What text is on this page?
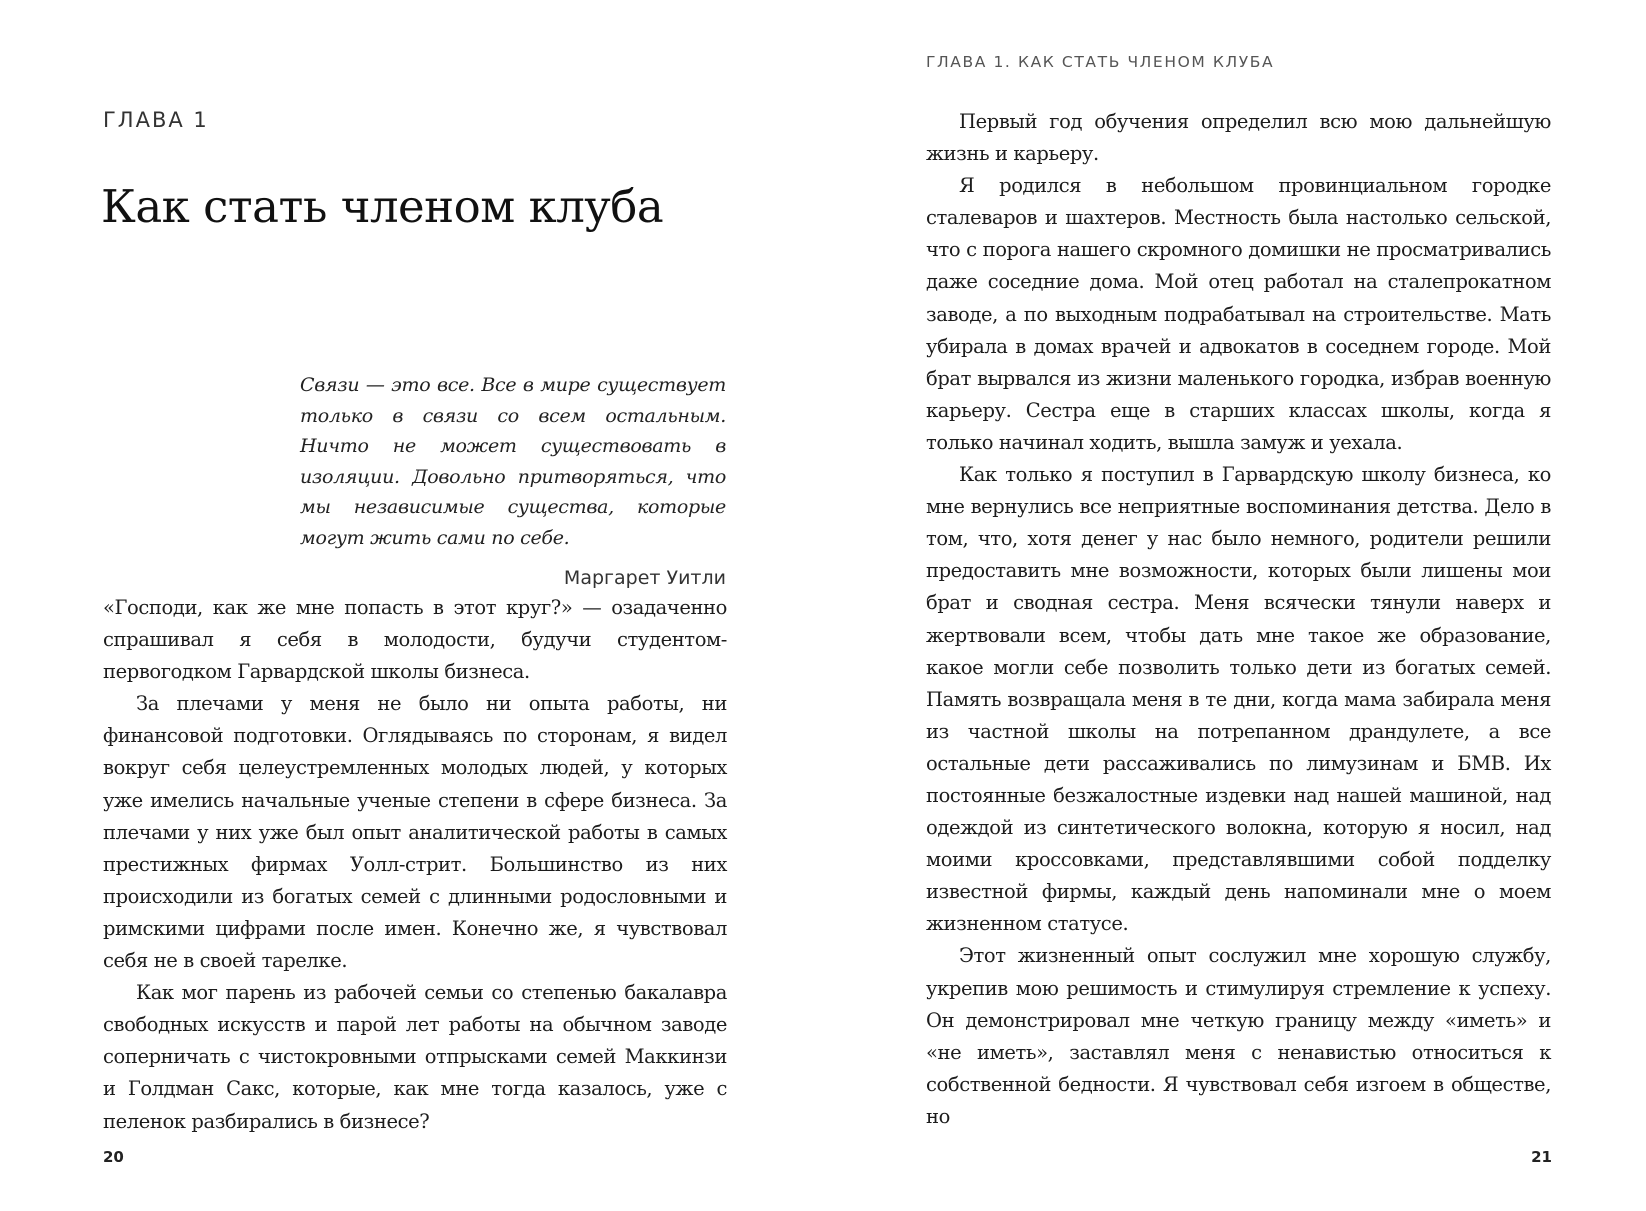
ГЛАВА 1
Как стать членом клуба

Связи — это все. Все в мире существует только в связи со всем остальным. Ничто не может существовать в изоляции. Довольно притворяться, что мы независимые существа, которые могут жить сами по себе.

Маргарет Уитли

«Господи, как же мне попасть в этот круг?» — озадаченно спрашивал я себя в молодости, будучи студентом-первогодком Гарвардской школы бизнеса.

За плечами у меня не было ни опыта работы, ни финансовой подготовки. Оглядываясь по сторонам, я видел вокруг себя целеустремленных молодых людей, у которых уже имелись начальные ученые степени в сфере бизнеса. За плечами у них уже был опыт аналитической работы в самых престижных фирмах Уолл-стрит. Большинство из них происходили из богатых семей с длинными родословными и римскими цифрами после имен. Конечно же, я чувствовал себя не в своей тарелке.

Как мог парень из рабочей семьи со степенью бакалавра свободных искусств и парой лет работы на обычном заводе соперничать с чистокровными отпрысками семей Маккинзи и Голдман Сакс, которые, как мне тогда казалось, уже с пеленок разбирались в бизнесе?

20
ГЛАВА 1. КАК СТАТЬ ЧЛЕНОМ КЛУБА

Первый год обучения определил всю мою дальнейшую жизнь и карьеру.

Я родился в небольшом провинциальном городке сталеваров и шахтеров. Местность была настолько сельской, что с порога нашего скромного домишки не просматривались даже соседние дома. Мой отец работал на сталепрокатном заводе, а по выходным подрабатывал на строительстве. Мать убирала в домах врачей и адвокатов в соседнем городе. Мой брат вырвался из жизни маленького городка, избрав военную карьеру. Сестра еще в старших классах школы, когда я только начинал ходить, вышла замуж и уехала.

Как только я поступил в Гарвардскую школу бизнеса, ко мне вернулись все неприятные воспоминания детства. Дело в том, что, хотя денег у нас было немного, родители решили предоставить мне возможности, которых были лишены мои брат и сводная сестра. Меня всячески тянули наверх и жертвовали всем, чтобы дать мне такое же образование, какое могли себе позволить только дети из богатых семей. Память возвращала меня в те дни, когда мама забирала меня из частной школы на потрепанном драндулете, а все остальные дети рассаживались по лимузинам и БМВ. Их постоянные безжалостные издевки над нашей машиной, над одеждой из синтетического волокна, которую я носил, над моими кроссовками, представлявшими собой подделку известной фирмы, каждый день напоминали мне о моем жизненном статусе.

Этот жизненный опыт сослужил мне хорошую службу, укрепив мою решимость и стимулируя стремление к успеху. Он демонстрировал мне четкую границу между «иметь» и «не иметь», заставлял меня с ненавистью относиться к собственной бедности. Я чувствовал себя изгоем в обществе, но

21
